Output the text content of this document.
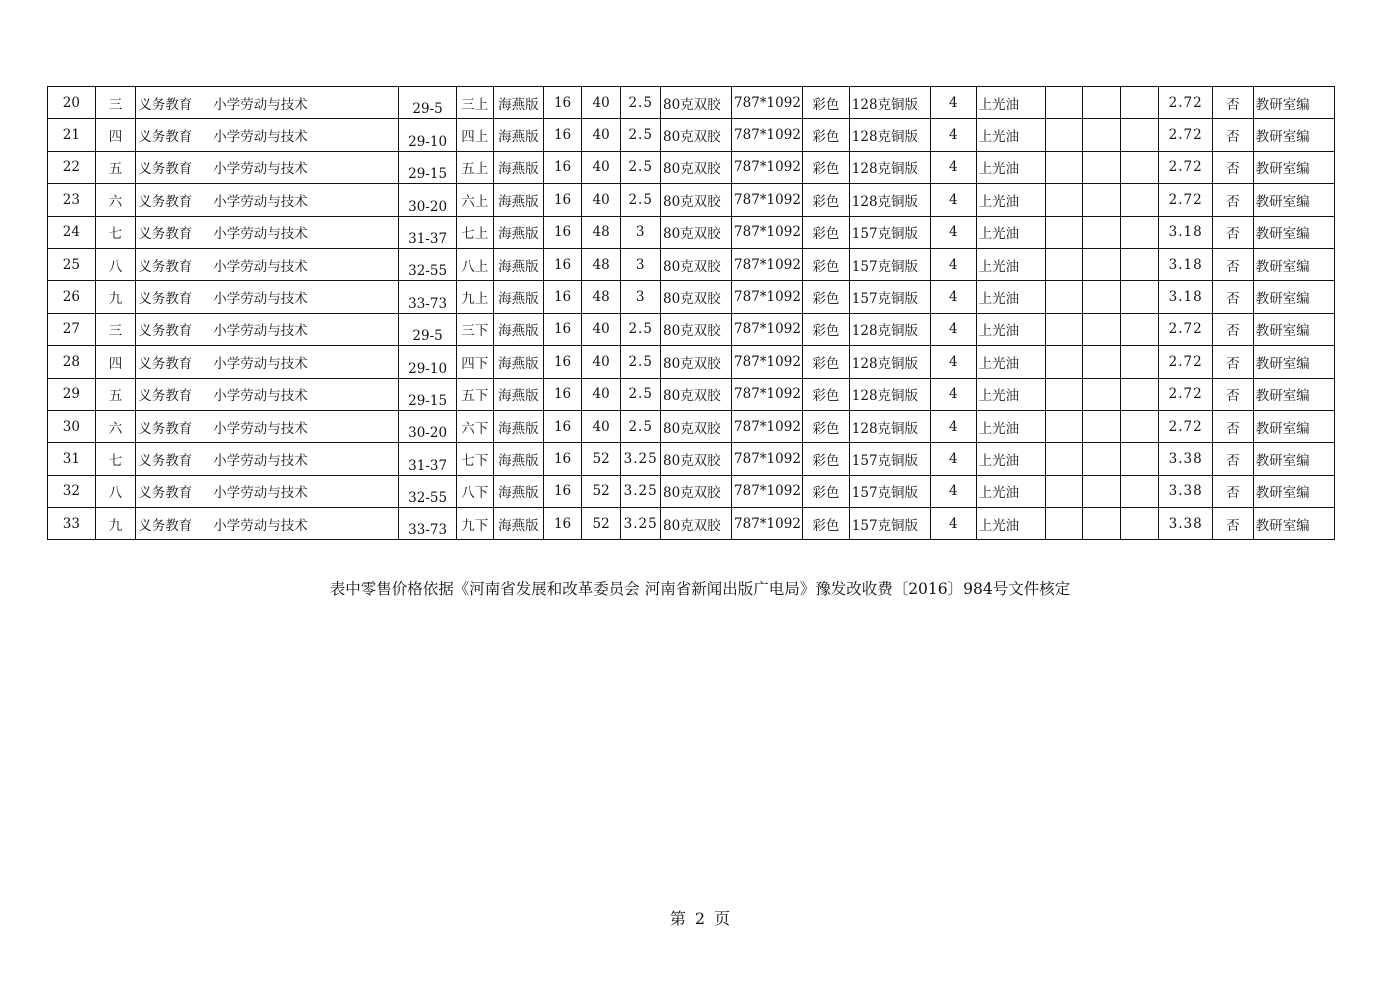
20	三	义务教育 小学劳动与技术	29-5	三上	海燕版	16	40	2.5	80克双胶	787*1092	彩色	128克铜版	4	上光油				2.72	否	教研室编
21	四	义务教育 小学劳动与技术	29-10	四上	海燕版	16	40	2.5	80克双胶	787*1092	彩色	128克铜版	4	上光油				2.72	否	教研室编
22	五	义务教育 小学劳动与技术	29-15	五上	海燕版	16	40	2.5	80克双胶	787*1092	彩色	128克铜版	4	上光油				2.72	否	教研室编
23	六	义务教育 小学劳动与技术	30-20	六上	海燕版	16	40	2.5	80克双胶	787*1092	彩色	128克铜版	4	上光油				2.72	否	教研室编
24	七	义务教育 小学劳动与技术	31-37	七上	海燕版	16	48	3	80克双胶	787*1092	彩色	157克铜版	4	上光油				3.18	否	教研室编
25	八	义务教育 小学劳动与技术	32-55	八上	海燕版	16	48	3	80克双胶	787*1092	彩色	157克铜版	4	上光油				3.18	否	教研室编
26	九	义务教育 小学劳动与技术	33-73	九上	海燕版	16	48	3	80克双胶	787*1092	彩色	157克铜版	4	上光油				3.18	否	教研室编
27	三	义务教育 小学劳动与技术	29-5	三下	海燕版	16	40	2.5	80克双胶	787*1092	彩色	128克铜版	4	上光油				2.72	否	教研室编
28	四	义务教育 小学劳动与技术	29-10	四下	海燕版	16	40	2.5	80克双胶	787*1092	彩色	128克铜版	4	上光油				2.72	否	教研室编
29	五	义务教育 小学劳动与技术	29-15	五下	海燕版	16	40	2.5	80克双胶	787*1092	彩色	128克铜版	4	上光油				2.72	否	教研室编
30	六	义务教育 小学劳动与技术	30-20	六下	海燕版	16	40	2.5	80克双胶	787*1092	彩色	128克铜版	4	上光油				2.72	否	教研室编
31	七	义务教育 小学劳动与技术	31-37	七下	海燕版	16	52	3.25	80克双胶	787*1092	彩色	157克铜版	4	上光油				3.38	否	教研室编
32	八	义务教育 小学劳动与技术	32-55	八下	海燕版	16	52	3.25	80克双胶	787*1092	彩色	157克铜版	4	上光油				3.38	否	教研室编
33	九	义务教育 小学劳动与技术	33-73	九下	海燕版	16	52	3.25	80克双胶	787*1092	彩色	157克铜版	4	上光油				3.38	否	教研室编
表中零售价格依据《河南省发展和改革委员会 河南省新闻出版广电局》豫发改收费〔2016〕984号文件核定
第 2 页
